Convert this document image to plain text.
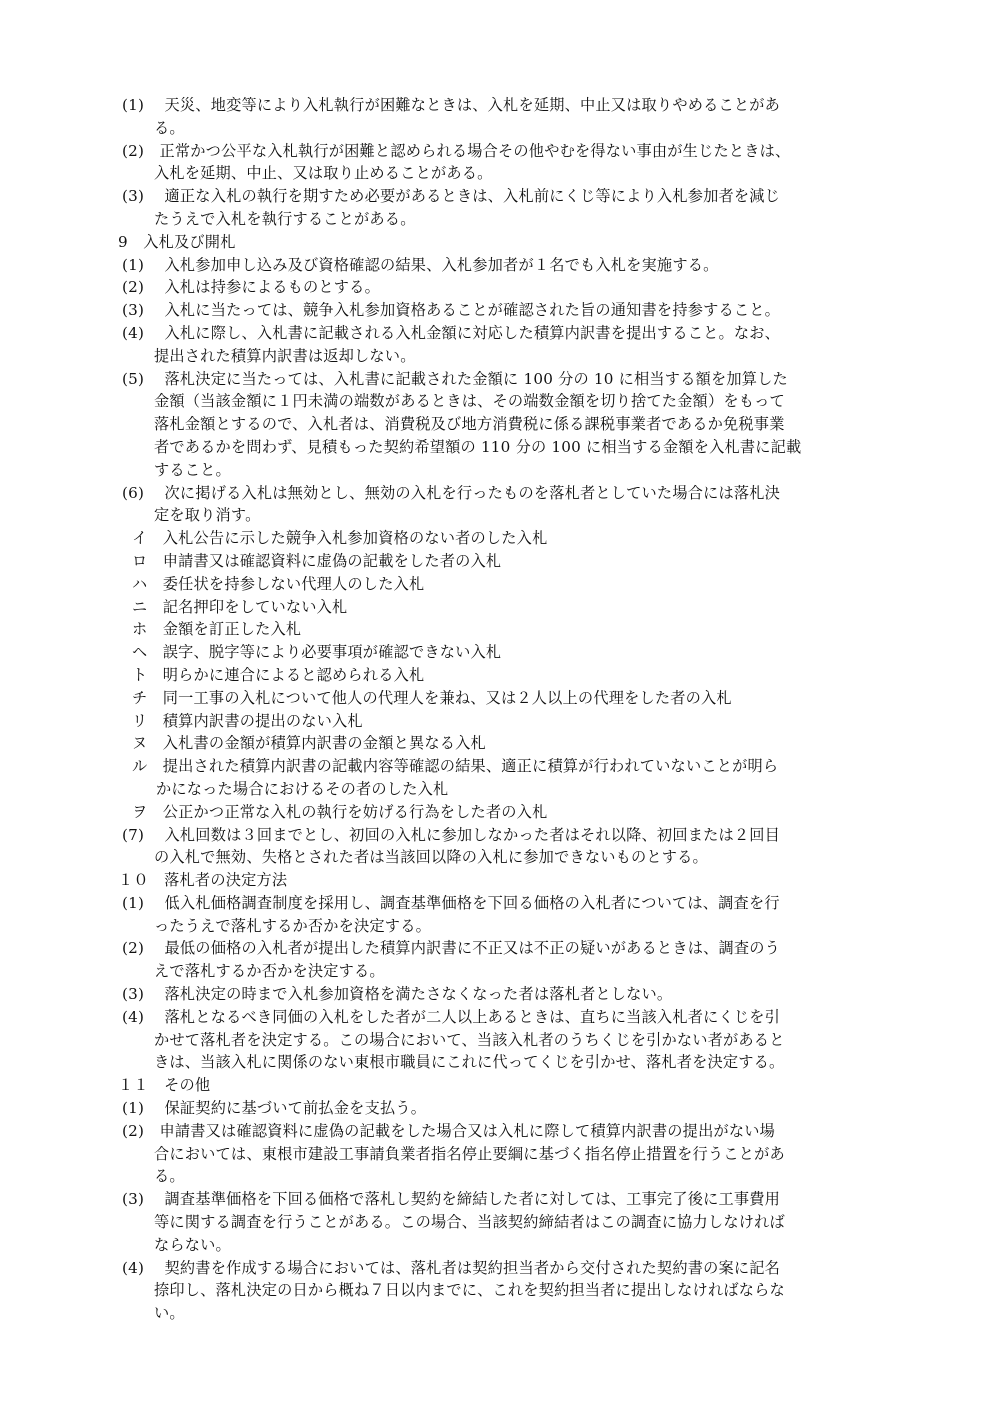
(1)　 天災、地変等により入札執行が困難なときは、入札を延期、中止又は取りやめることがあ
る。
(2)　正常かつ公平な入札執行が困難と認められる場合その他やむを得ない事由が生じたときは、
入札を延期、中止、又は取り止めることがある。
(3)　 適正な入札の執行を期すため必要があるときは、入札前にくじ等により入札参加者を減じ
たうえで入札を執行することがある。
9　入札及び開札
(1)　 入札参加申し込み及び資格確認の結果、入札参加者が１名でも入札を実施する。
(2)　 入札は持参によるものとする。
(3)　 入札に当たっては、競争入札参加資格あることが確認された旨の通知書を持参すること。
(4)　 入札に際し、入札書に記載される入札金額に対応した積算内訳書を提出すること。なお、
提出された積算内訳書は返却しない。
(5)　 落札決定に当たっては、入札書に記載された金額に 100 分の 10 に相当する額を加算した
金額（当該金額に１円未満の端数があるときは、その端数金額を切り捨てた金額）をもって
落札金額とするので、入札者は、消費税及び地方消費税に係る課税事業者であるか免税事業
者であるかを問わず、見積もった契約希望額の 110 分の 100 に相当する金額を入札書に記載
すること。
(6)　 次に掲げる入札は無効とし、無効の入札を行ったものを落札者としていた場合には落札決
定を取り消す。
イ　入札公告に示した競争入札参加資格のない者のした入札
ロ　申請書又は確認資料に虚偽の記載をした者の入札
ハ　委任状を持参しない代理人のした入札
ニ　記名押印をしていない入札
ホ　金額を訂正した入札
ヘ　誤字、脱字等により必要事項が確認できない入札
ト　明らかに連合によると認められる入札
チ　同一工事の入札について他人の代理人を兼ね、又は２人以上の代理をした者の入札
リ　積算内訳書の提出のない入札
ヌ　入札書の金額が積算内訳書の金額と異なる入札
ル　提出された積算内訳書の記載内容等確認の結果、適正に積算が行われていないことが明ら
かになった場合におけるその者のした入札
ヲ　公正かつ正常な入札の執行を妨げる行為をした者の入札
(7)　 入札回数は３回までとし、初回の入札に参加しなかった者はそれ以降、初回または２回目
の入札で無効、失格とされた者は当該回以降の入札に参加できないものとする。
１０　落札者の決定方法
(1)　 低入札価格調査制度を採用し、調査基準価格を下回る価格の入札者については、調査を行
ったうえで落札するか否かを決定する。
(2)　 最低の価格の入札者が提出した積算内訳書に不正又は不正の疑いがあるときは、調査のう
えで落札するか否かを決定する。
(3)　 落札決定の時まで入札参加資格を満たさなくなった者は落札者としない。
(4)　 落札となるべき同価の入札をした者が二人以上あるときは、直ちに当該入札者にくじを引
かせて落札者を決定する。この場合において、当該入札者のうちくじを引かない者があると
きは、当該入札に関係のない東根市職員にこれに代ってくじを引かせ、落札者を決定する。
１１　その他
(1)　 保証契約に基づいて前払金を支払う。
(2)　申請書又は確認資料に虚偽の記載をした場合又は入札に際して積算内訳書の提出がない場
合においては、東根市建設工事請負業者指名停止要綱に基づく指名停止措置を行うことがあ
る。
(3)　 調査基準価格を下回る価格で落札し契約を締結した者に対しては、工事完了後に工事費用
等に関する調査を行うことがある。この場合、当該契約締結者はこの調査に協力しなければ
ならない。
(4)　 契約書を作成する場合においては、落札者は契約担当者から交付された契約書の案に記名
捺印し、落札決定の日から概ね７日以内までに、これを契約担当者に提出しなければならな
い。
